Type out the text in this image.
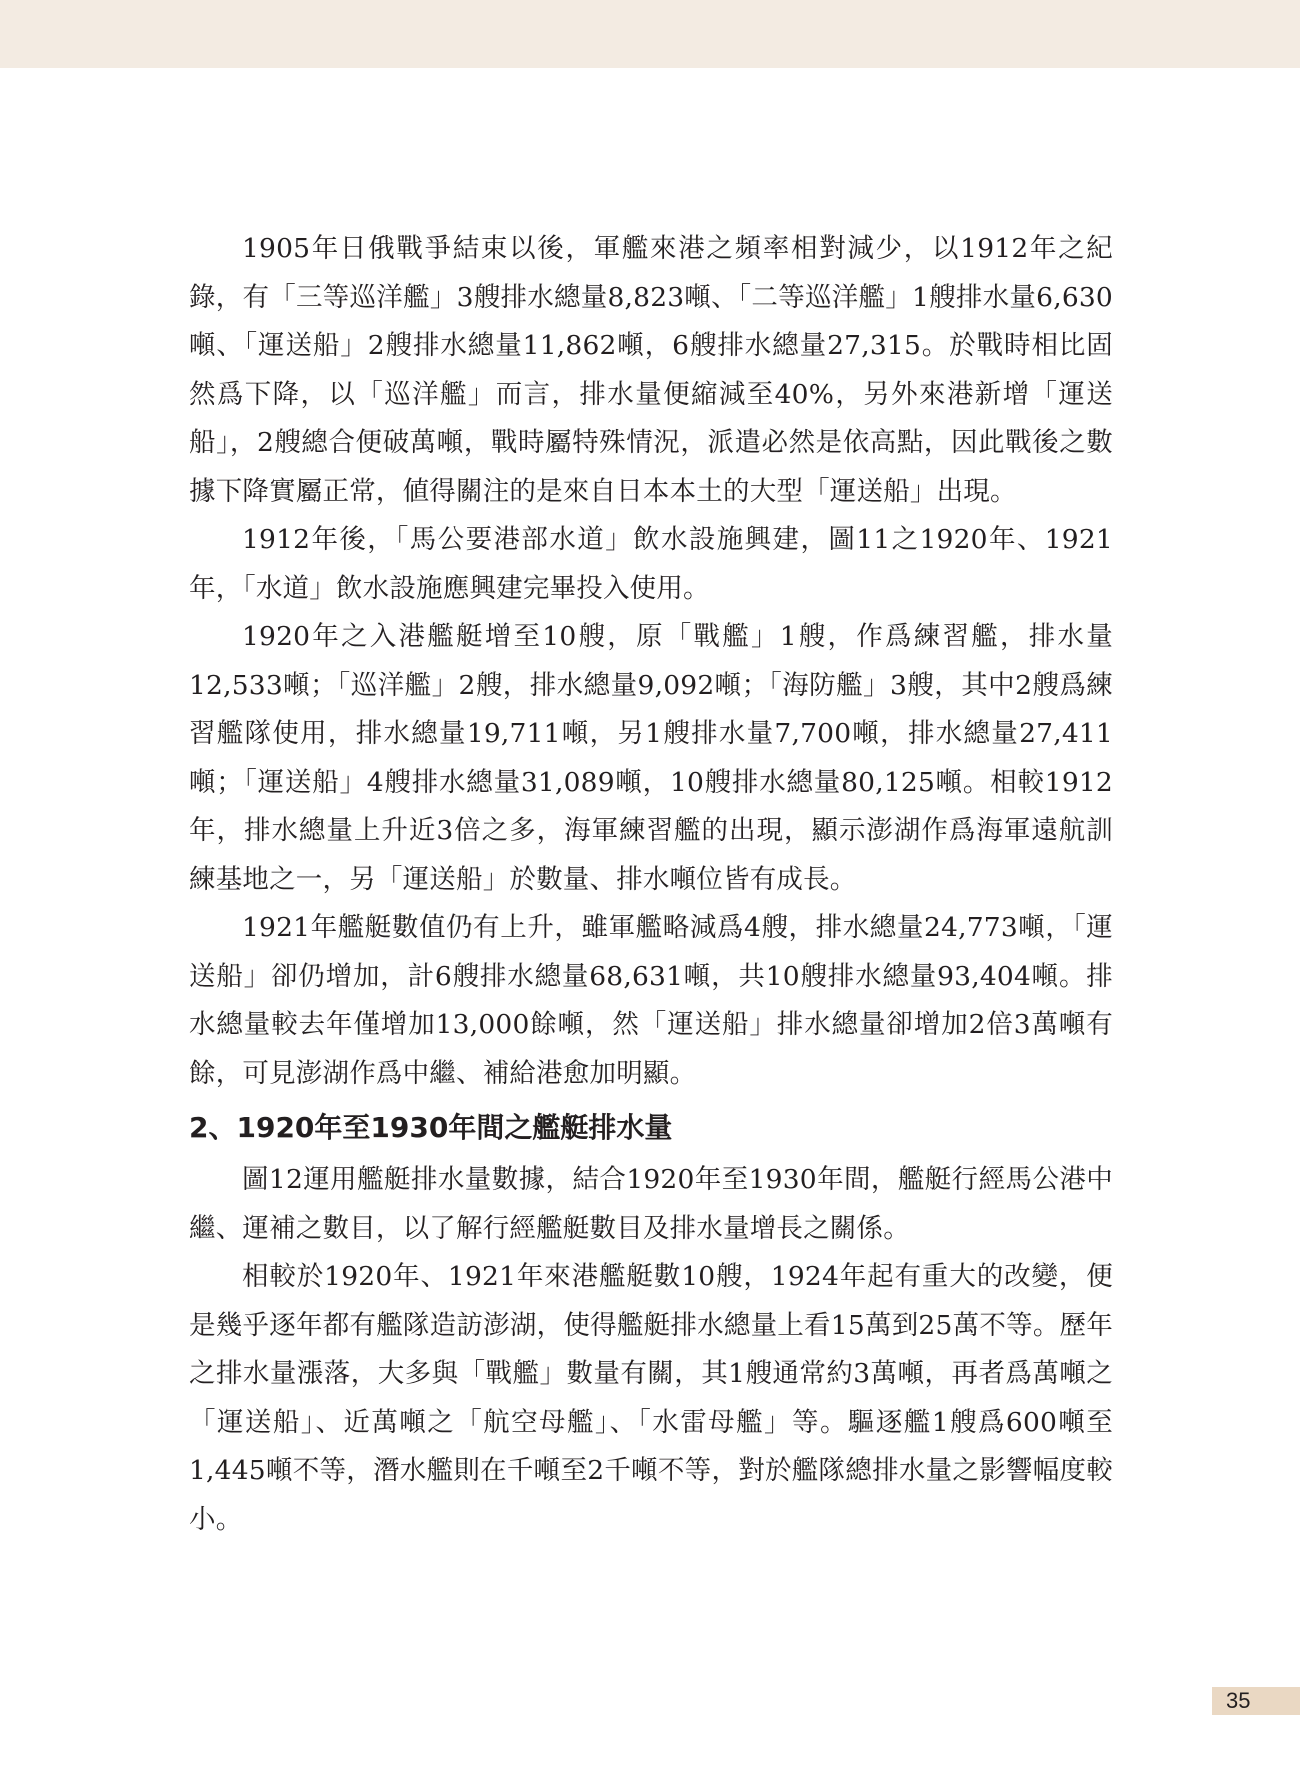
1905年日俄戰爭結束以後，軍艦來港之頻率相對減少，以1912年之紀錄，有「三等巡洋艦」3艘排水總量8,823噸、「二等巡洋艦」1艘排水量6,630噸、「運送船」2艘排水總量11,862噸，6艘排水總量27,315。於戰時相比固然爲下降，以「巡洋艦」而言，排水量便縮減至40%，另外來港新增「運送船」，2艘總合便破萬噸，戰時屬特殊情況，派遣必然是依高點，因此戰後之數據下降實屬正常，値得關注的是來自日本本土的大型「運送船」出現。

1912年後，「馬公要港部水道」飲水設施興建，圖11之1920年、1921年，「水道」飲水設施應興建完畢投入使用。

1920年之入港艦艇增至10艘，原「戰艦」1艘，作爲練習艦，排水量12,533噸；「巡洋艦」2艘，排水總量9,092噸；「海防艦」3艘，其中2艘爲練習艦隊使用，排水總量19,711噸，另1艘排水量7,700噸，排水總量27,411噸；「運送船」4艘排水總量31,089噸，10艘排水總量80,125噸。相較1912年，排水總量上升近3倍之多，海軍練習艦的出現，顯示澎湖作爲海軍遠航訓練基地之一，另「運送船」於數量、排水噸位皆有成長。

1921年艦艇數值仍有上升，雖軍艦略減爲4艘，排水總量24,773噸，「運送船」卻仍增加，計6艘排水總量68,631噸，共10艘排水總量93,404噸。排水總量較去年僅增加13,000餘噸，然「運送船」排水總量卻增加2倍3萬噸有餘，可見澎湖作爲中繼、補給港愈加明顯。

2、1920年至1930年間之艦艇排水量

圖12運用艦艇排水量數據，結合1920年至1930年間，艦艇行經馬公港中繼、運補之數目，以了解行經艦艇數目及排水量增長之關係。

相較於1920年、1921年來港艦艇數10艘，1924年起有重大的改變，便是幾乎逐年都有艦隊造訪澎湖，使得艦艇排水總量上看15萬到25萬不等。歷年之排水量漲落，大多與「戰艦」數量有關，其1艘通常約3萬噸，再者爲萬噸之「運送船」、近萬噸之「航空母艦」、「水雷母艦」等。驅逐艦1艘爲600噸至1,445噸不等，潛水艦則在千噸至2千噸不等，對於艦隊總排水量之影響幅度較小。

35
